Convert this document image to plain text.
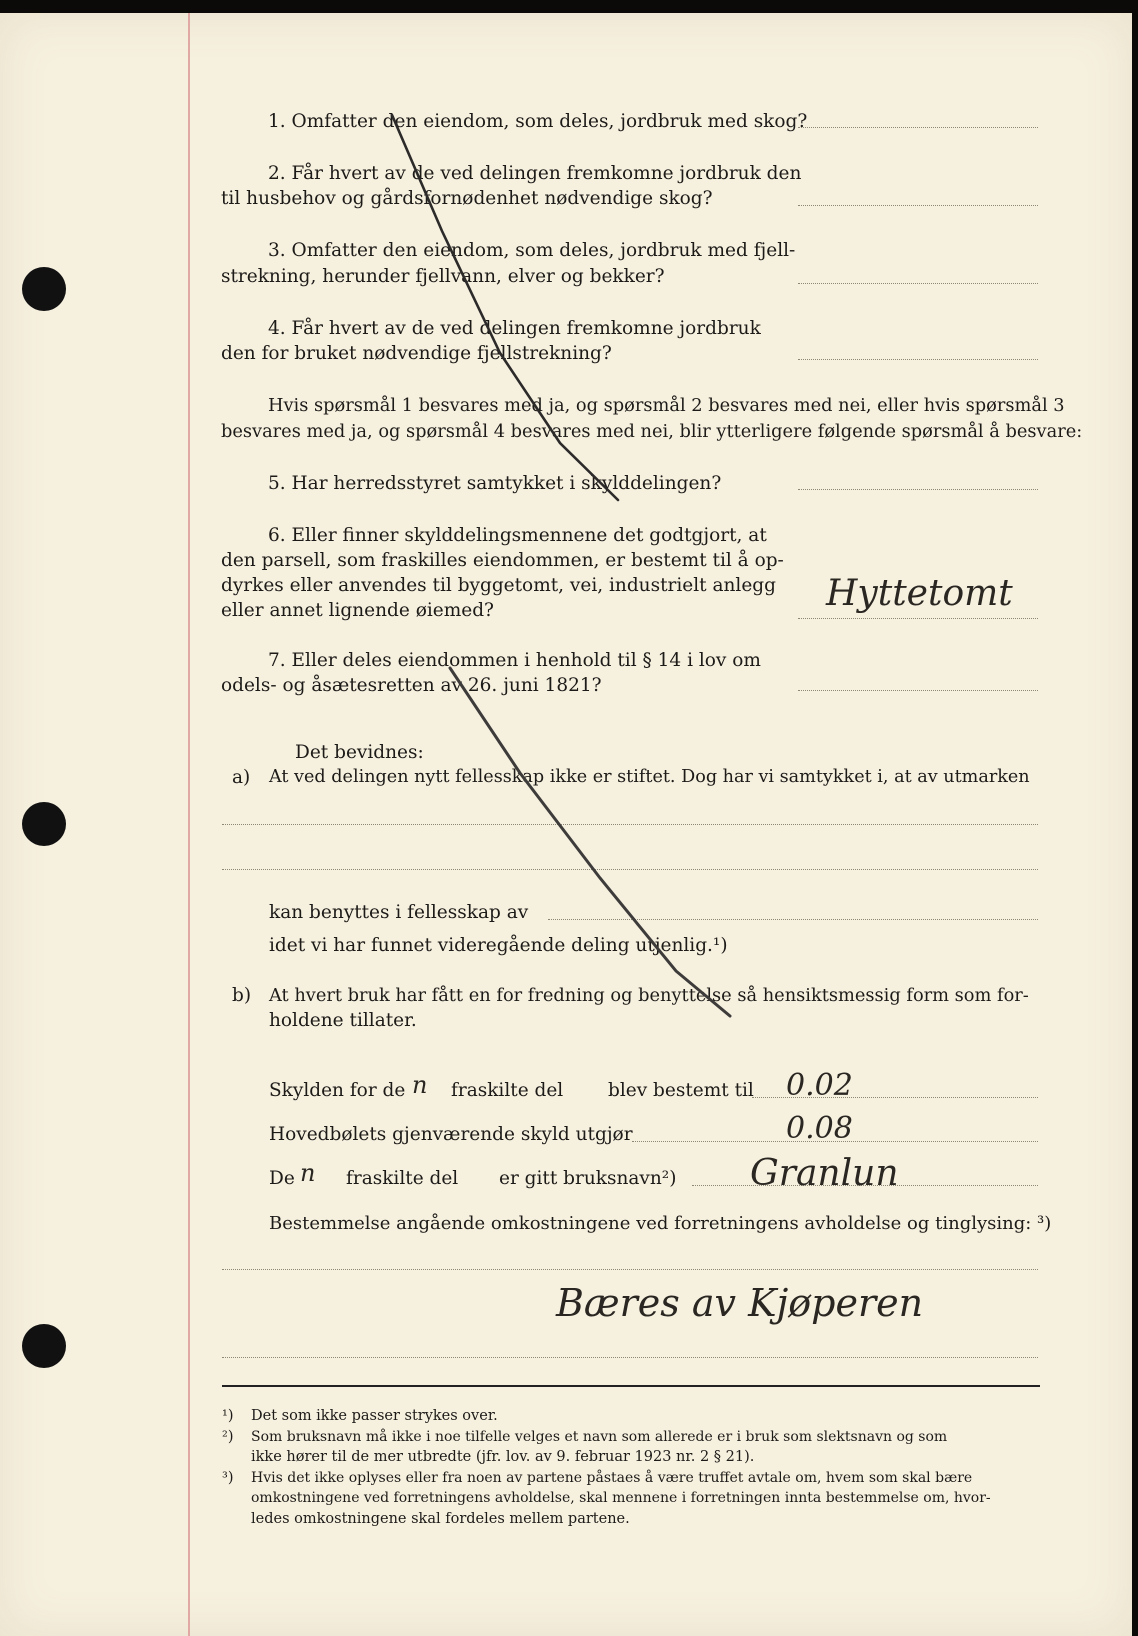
1. Omfatter den eiendom, som deles, jordbruk med skog?
2. Får hvert av de ved delingen fremkomne jordbruk den
til husbehov og gårdsfornødenhet nødvendige skog?
3. Omfatter den eiendom, som deles, jordbruk med fjell-
strekning, herunder fjellvann, elver og bekker?
4. Får hvert av de ved delingen fremkomne jordbruk
den for bruket nødvendige fjellstrekning?
Hvis spørsmål 1 besvares med ja, og spørsmål 2 besvares med nei, eller hvis spørsmål 3
besvares med ja, og spørsmål 4 besvares med nei, blir ytterligere følgende spørsmål å besvare:
5. Har herredsstyret samtykket i skylddelingen?
6. Eller finner skylddelingsmennene det godtgjort, at
den parsell, som fraskilles eiendommen, er bestemt til å op-
dyrkes eller anvendes til byggetomt, vei, industrielt anlegg
eller annet lignende øiemed?	Hyttetomt
7. Eller deles eiendommen i henhold til § 14 i lov om
odels- og åsætesretten av 26. juni 1821?
Det bevidnes:
a) At ved delingen nytt fellesskap ikke er stiftet. Dog har vi samtykket i, at av utmarken
kan benyttes i fellesskap av
idet vi har funnet videregående deling utjenlig.¹)
b) At hvert bruk har fått en for fredning og benyttelse så hensiktsmessig form som for-
holdene tillater.
Skylden for de n fraskilte del blev bestemt til 0.02
Hovedbølets gjenværende skyld utgjør	0.08
De n fraskilte del er gitt bruksnavn²) Granlun
Bestemmelse angående omkostningene ved forretningens avholdelse og tinglysing: ³)
Bæres av Kjøperen
¹) Det som ikke passer strykes over.
²) Som bruksnavn må ikke i noe tilfelle velges et navn som allerede er i bruk som slektsnavn og som
ikke hører til de mer utbredte (jfr. lov. av 9. februar 1923 nr. 2 § 21).
³) Hvis det ikke oplyses eller fra noen av partene påstaes å være truffet avtale om, hvem som skal bære
omkostningene ved forretningens avholdelse, skal mennene i forretningen innta bestemmelse om, hvor-
ledes omkostningene skal fordeles mellem partene.
